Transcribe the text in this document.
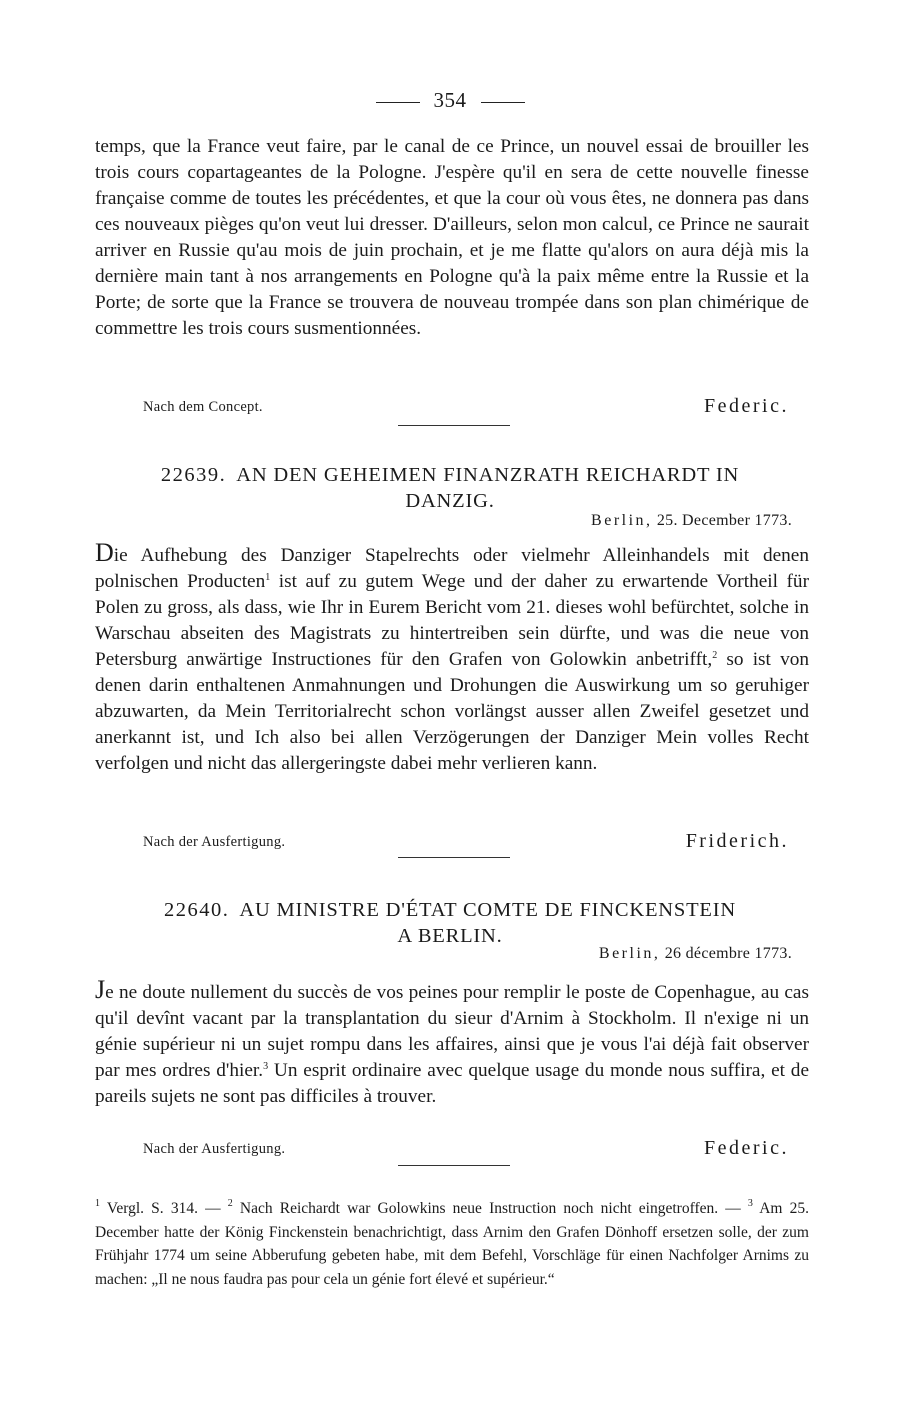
354

temps, que la France veut faire, par le canal de ce Prince, un nouvel essai de brouiller les trois cours copartageantes de la Pologne. J'espère qu'il en sera de cette nouvelle finesse française comme de toutes les précédentes, et que la cour où vous êtes, ne donnera pas dans ces nouveaux pièges qu'on veut lui dresser. D'ailleurs, selon mon calcul, ce Prince ne saurait arriver en Russie qu'au mois de juin prochain, et je me flatte qu'alors on aura déjà mis la dernière main tant à nos arrangements en Pologne qu'à la paix même entre la Russie et la Porte; de sorte que la France se trouvera de nouveau trompée dans son plan chimérique de commettre les trois cours susmentionnées.

Nach dem Concept.	Federic.
22639. AN DEN GEHEIMEN FINANZRATH REICHARDT IN
DANZIG.
Berlin, 25. December 1773.

Die Aufhebung des Danziger Stapelrechts oder vielmehr Alleinhandels mit denen polnischen Producten$^1$ ist auf zu gutem Wege und der daher zu erwartende Vortheil für Polen zu gross, als dass, wie Ihr in Eurem Bericht vom 21. dieses wohl befürchtet, solche in Warschau abseiten des Magistrats zu hintertreiben sein dürfte, und was die neue von Petersburg anwärtige Instructiones für den Grafen von Golowkin anbetrifft,$^2$ so ist von denen darin enthaltenen Anmahnungen und Drohungen die Auswirkung um so geruhiger abzuwarten, da Mein Territorialrecht schon vorlängst ausser allen Zweifel gesetzet und anerkannt ist, und Ich also bei allen Verzögerungen der Danziger Mein volles Recht verfolgen und nicht das allergeringste dabei mehr verlieren kann.

Nach der Ausfertigung.	Friderich.
22640. AU MINISTRE D'ÉTAT COMTE DE FINCKENSTEIN
A BERLIN.
Berlin, 26 décembre 1773.

Je ne doute nullement du succès de vos peines pour remplir le poste de Copenhague, au cas qu'il devînt vacant par la transplantation du sieur d'Arnim à Stockholm. Il n'exige ni un génie supérieur ni un sujet rompu dans les affaires, ainsi que je vous l'ai déjà fait observer par mes ordres d'hier.$^3$ Un esprit ordinaire avec quelque usage du monde nous suffira, et de pareils sujets ne sont pas difficiles à trouver.

Nach der Ausfertigung.	Federic.

$^1$ Vergl. S. 314. — $^2$ Nach Reichardt war Golowkins neue Instruction noch nicht eingetroffen. — $^3$ Am 25. December hatte der König Finckenstein benachrichtigt, dass Arnim den Grafen Dönhoff ersetzen solle, der zum Frühjahr 1774 um seine Abberufung gebeten habe, mit dem Befehl, Vorschläge für einen Nachfolger Arnims zu machen: „Il ne nous faudra pas pour cela un génie fort élevé et supérieur.“
